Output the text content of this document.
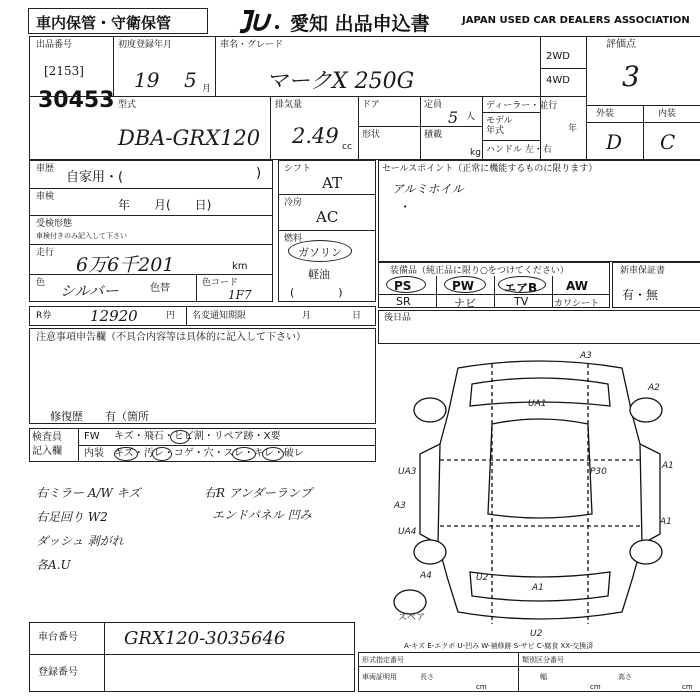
車内保管・守衛保管	愛知 出品申込書	JAPAN USED CAR DEALERS ASSOCIATION
出品番号
[2153]
30453
初度登録年月
19 5 月
車名・グレード
マークX 250G
2WD
4WD
評価点
3
型式
DBA-GRX120
排気量
2.49 cc
ドア
形状
定員
5 人
積載
kg
ディーラー・並行
モデル
年式	年
ハンドル 左・右
外装	内装
D C
車歴
自家用・(	)
車検
年　　月(　　日)
受検形態
車検付きのみ記入して下さい
走行
6万6千201	km
色 シルバー	色替	色コード
1F7
シフト
AT
冷房
AC
燃料
ガソリン
軽油
(　　　　)
セールスポイント（正常に機能するものに限ります）
アルミホイル
・
装備品（純正品に限り○をつけてください）
PS	PW エアB AW
SR	ナビ	TV	カワシート
新車保証書
有・無
R券	12920	円 名変通知期限	月	日	後日品
注意事項申告欄（不具合内容等は具体的に記入して下さい）
修復歴　　有（箇所
検査員
記入欄
FW キズ・飛石・ヒビ割・リペア跡・X要
内装 キズ・汚レ・コゲ・穴・スレ・キレ・破レ
右ミラー A/W キズ	右R アンダーランプ
右足回り W2	エンドパネル 凹み
ダッシュ 剥がれ
各A.U
A3
A2
UA1
A1
A1
U2
A3
UA3
UA4
A4
P30
A1
U2
スペア
A-キズ E-エクボ U-凹み W-補修跡 S-サビ C-腐食 XX-交換済
車台番号	GRX120-3035646
登録番号
形式指定番号	類別区分番号
車両証明用	長さ	幅	高さ
cm	cm	cm
